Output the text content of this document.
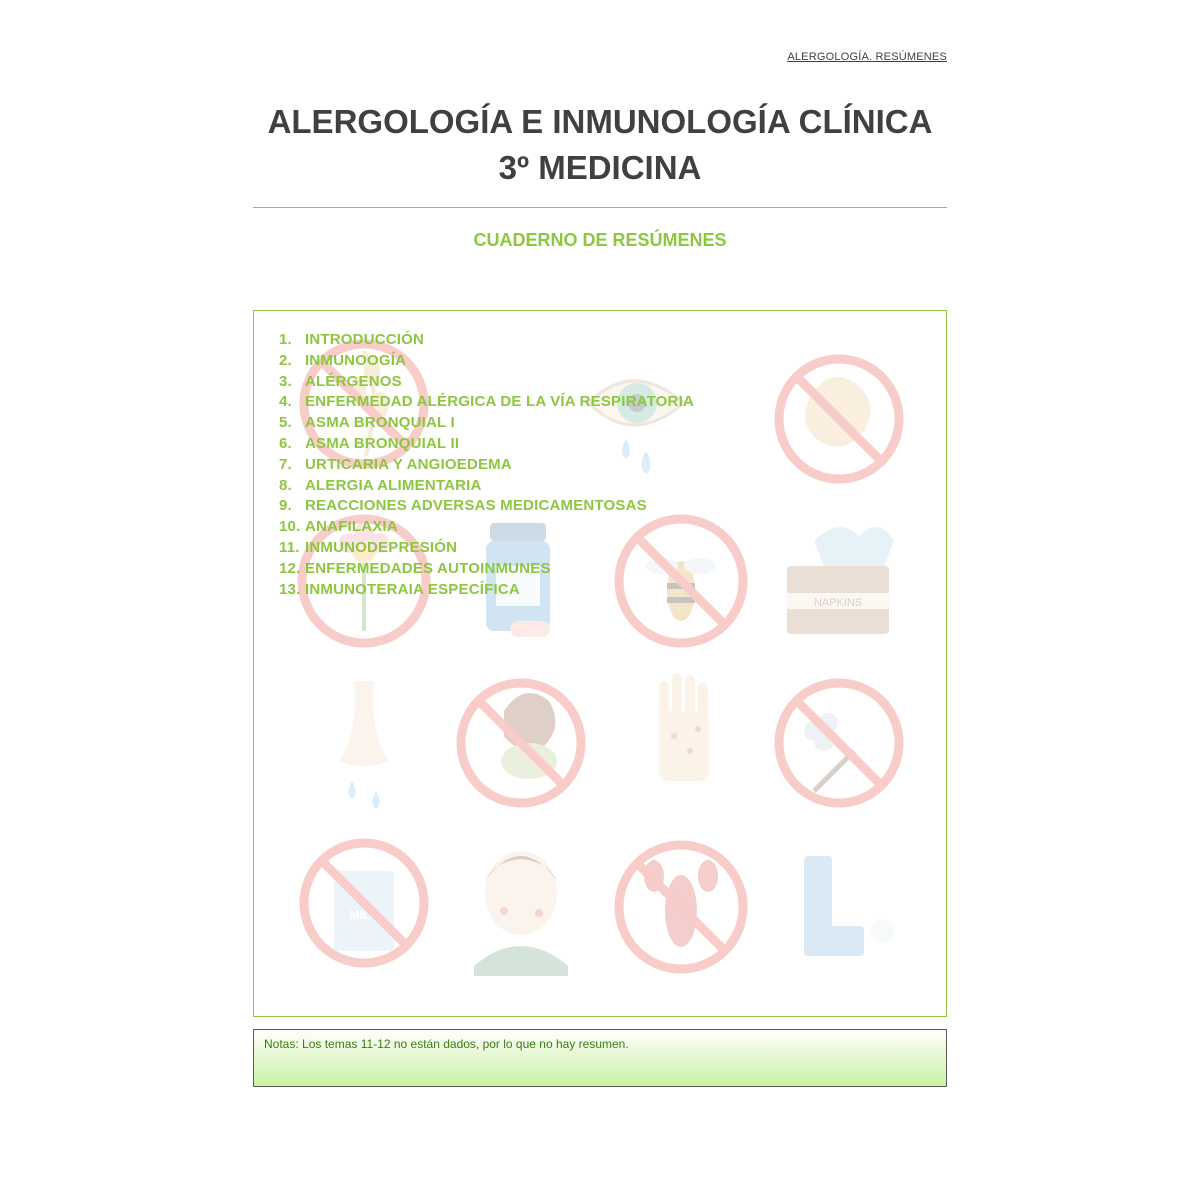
ALERGOLOGÍA. RESÚMENES
ALERGOLOGÍA E INMUNOLOGÍA CLÍNICA
3º MEDICINA
CUADERNO DE RESÚMENES
NAPKINS
MILK
1. INTRODUCCIÓN
2. INMUNOOGÍA
3. ALÉRGENOS
4. ENFERMEDAD ALÉRGICA DE LA VÍA RESPIRATORIA
5. ASMA BRONQUIAL I
6. ASMA BRONQUIAL II
7. URTICARIA Y ANGIOEDEMA
8. ALERGIA ALIMENTARIA
9. REACCIONES ADVERSAS MEDICAMENTOSAS
10. ANAFILAXIA
11. INMUNODEPRESIÓN
12. ENFERMEDADES AUTOINMUNES
13. INMUNOTERAIA ESPECÍFICA
Notas: Los temas 11-12 no están dados, por lo que no hay resumen.
